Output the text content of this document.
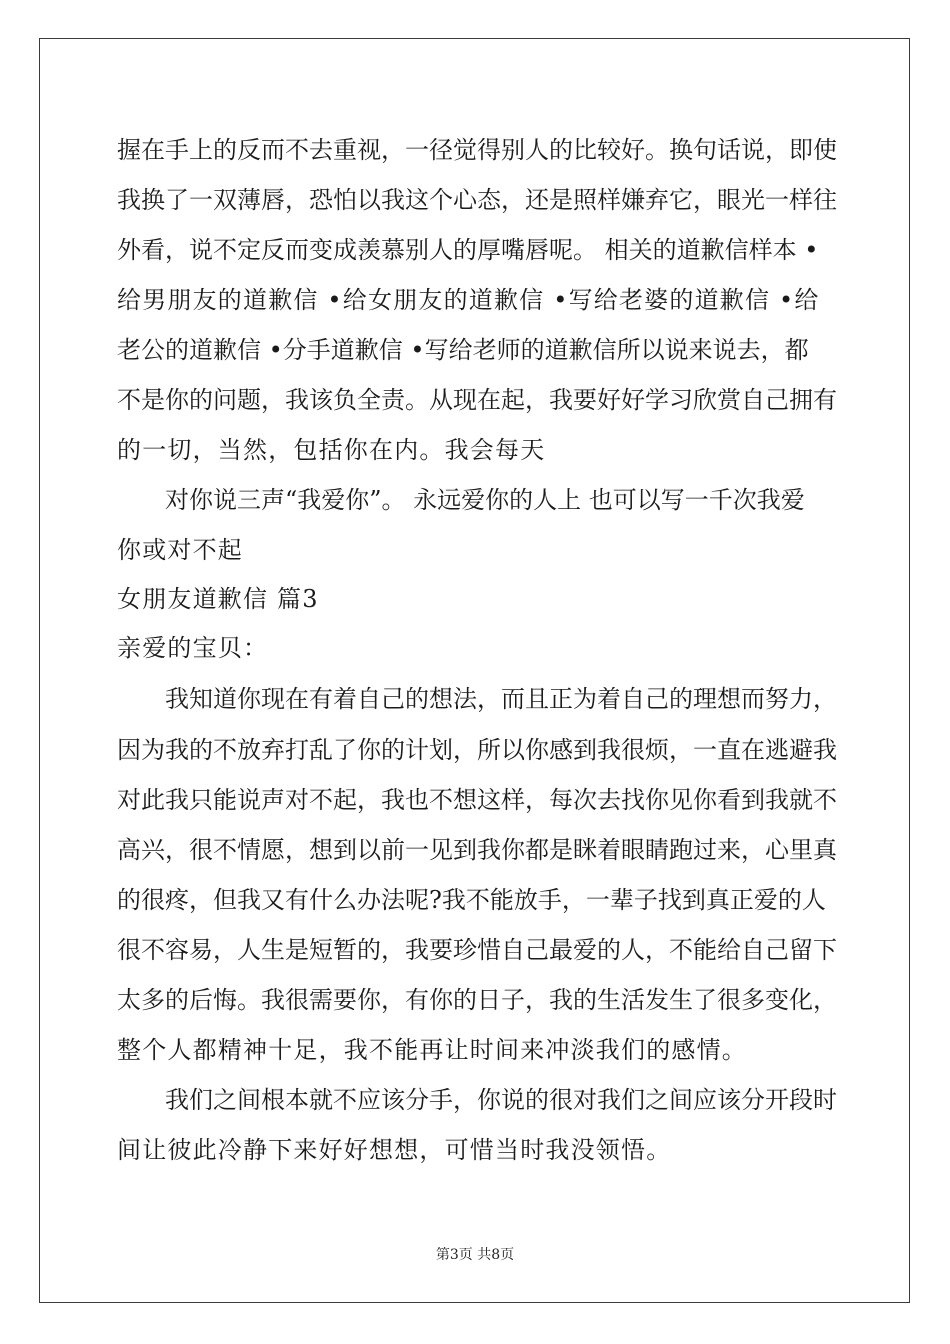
握在手上的反而不去重视，一径觉得别人的比较好。换句话说，即使
我换了一双薄唇，恐怕以我这个心态，还是照样嫌弃它，眼光一样往
外看，说不定反而变成羡慕别人的厚嘴唇呢。 相关的道歉信样本 •
给男朋友的道歉信 •给女朋友的道歉信 •写给老婆的道歉信 •给
老公的道歉信 •分手道歉信 •写给老师的道歉信所以说来说去，都
不是你的问题，我该负全责。从现在起，我要好好学习欣赏自己拥有
的一切，当然，包括你在内。我会每天
对你说三声“我爱你”。 永远爱你的人上 也可以写一千次我爱
你或对不起
女朋友道歉信 篇3
亲爱的宝贝：
我知道你现在有着自己的想法，而且正为着自己的理想而努力，
因为我的不放弃打乱了你的计划，所以你感到我很烦，一直在逃避我
对此我只能说声对不起，我也不想这样，每次去找你见你看到我就不
高兴，很不情愿，想到以前一见到我你都是眯着眼睛跑过来，心里真
的很疼，但我又有什么办法呢?我不能放手，一辈子找到真正爱的人
很不容易，人生是短暂的，我要珍惜自己最爱的人，不能给自己留下
太多的后悔。我很需要你，有你的日子，我的生活发生了很多变化，
整个人都精神十足，我不能再让时间来冲淡我们的感情。
我们之间根本就不应该分手，你说的很对我们之间应该分开段时
间让彼此冷静下来好好想想，可惜当时我没领悟。
第3页 共8页
